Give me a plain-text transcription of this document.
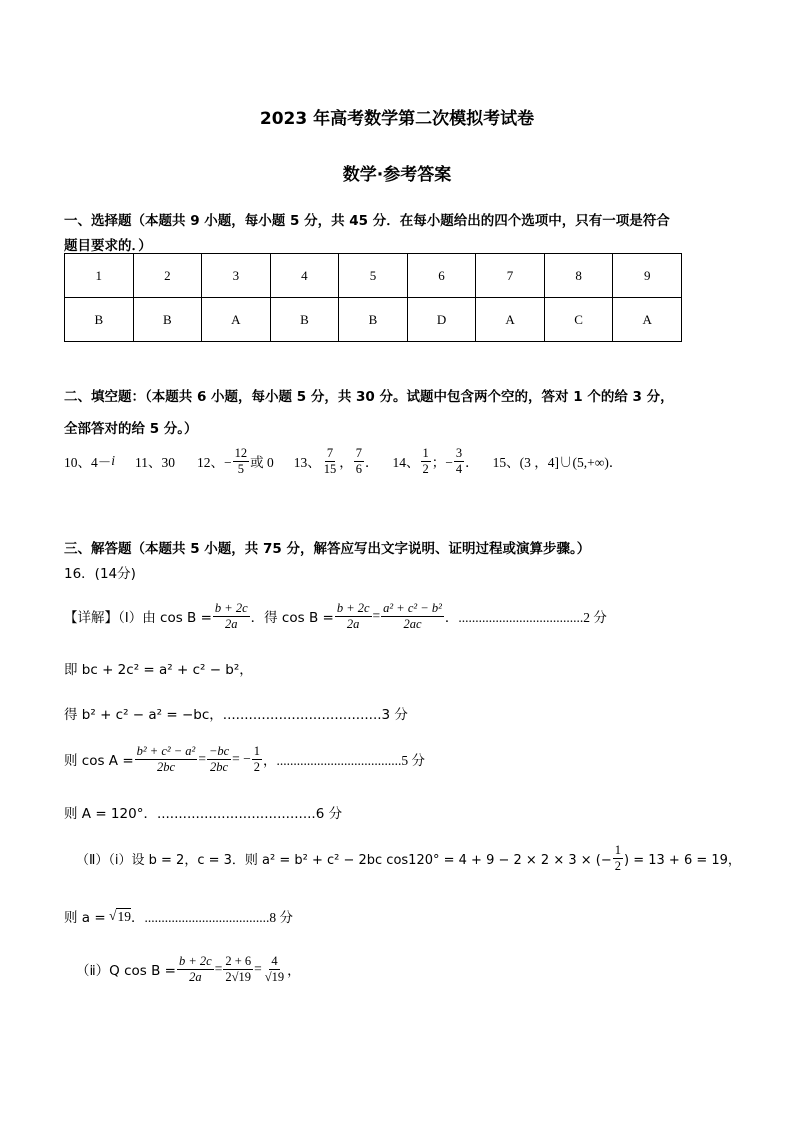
2023 年高考数学第二次模拟考试卷
数学·参考答案
一、选择题（本题共 9 小题，每小题 5 分，共 45 分．在每小题给出的四个选项中，只有一项是符合
题目要求的．）
1	2	3	4	5	6	7	8	9
B	B	A	B	B	D	A	C	A
二、填空题：（本题共 6 小题，每小题 5 分，共 30 分。试题中包含两个空的，答对 1 个的给 3 分，
全部答对的给 5 分。）
10、4－ i 11、30 12、− $\frac{12}{5}$ 或 0 13、 $\frac{7}{15}$ ， $\frac{7}{6}$ ． 14、 $\frac{1}{2}$ ；− $\frac{3}{4}$ ． 15、(3 ，4]∪(5,+∞)．
三、解答题（本题共 5 小题，共 75 分，解答应写出文字说明、证明过程或演算步骤。）
16．(14分)
【详解】（Ⅰ）由 $\cos B = \frac{b + 2c}{2a}$ ．得 $\cos B = \frac{b + 2c}{2a} = \frac{\text{a² + c² − b²}}{2ac}$ ．.....................................2 分
即 bc + 2c² = a² + c² − b²，
得 b² + c² − a² = −bc，.....................................3 分
则 $\cos A = \frac{\text{b² + c² − a²}}{2bc} = \frac{-bc}{2bc}$ = − $\frac{1}{2}$ ，.....................................5 分
则 A = 120°．.....................................6 分
（Ⅱ）（ⅰ）设 b = 2，c = 3．则 a² = b² + c² − 2bc cos120° = 4 + 9 − 2 × 2 × 3 × (− $\frac{1}{2}$ ) = 13 + 6 = 19，
则 a = √ 19 ．.....................................8 分
（ⅱ）Q $\cos B = \frac{b + 2c}{2a} = \frac{2 + 6}{2√19} = \frac{4}{√19}$ ，
